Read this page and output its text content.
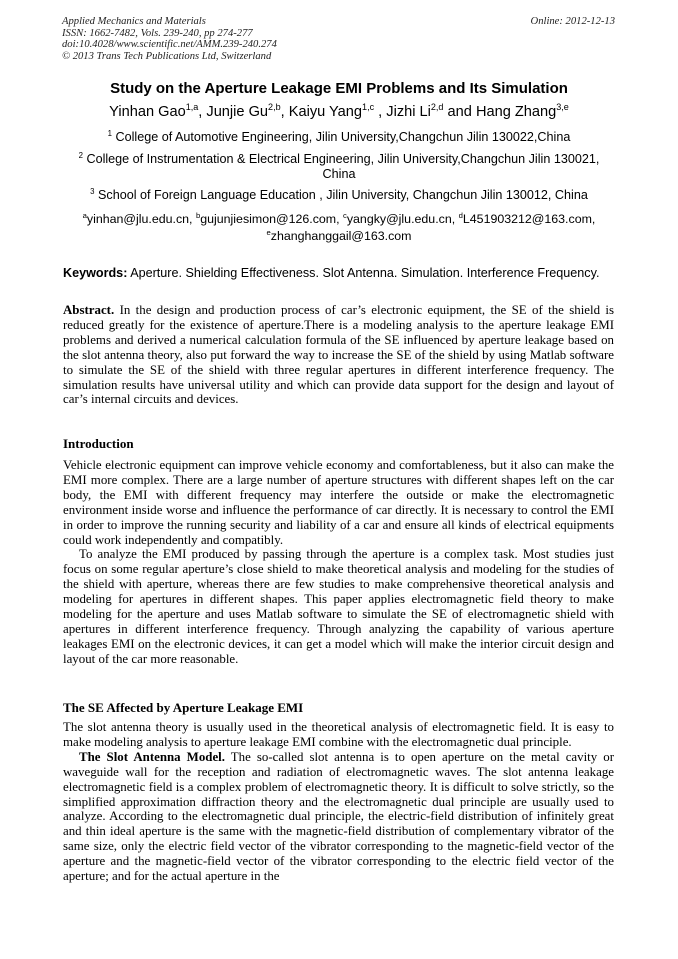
Applied Mechanics and Materials
ISSN: 1662-7482, Vols. 239-240, pp 274-277
doi:10.4028/www.scientific.net/AMM.239-240.274
© 2013 Trans Tech Publications Ltd, Switzerland
Online: 2012-12-13
Study on the Aperture Leakage EMI Problems and Its Simulation
Yinhan Gao$^{1,a}$, Junjie Gu$^{2,b}$, Kaiyu Yang$^{1,c}$ , Jizhi Li$^{2,d}$ and Hang Zhang$^{3,e}$
$^1$ College of Automotive Engineering, Jilin University,Changchun Jilin 130022,China
$^2$ College of Instrumentation & Electrical Engineering, Jilin University,Changchun Jilin 130021, China
$^3$ School of Foreign Language Education , Jilin University, Changchun Jilin 130012, China
$^a$yinhan@jlu.edu.cn, $^b$gujunjiesimon@126.com, $^c$yangky@jlu.edu.cn, $^d$L451903212@163.com,
$^e$zhanghanggail@163.com
Keywords: Aperture. Shielding Effectiveness. Slot Antenna. Simulation. Interference Frequency.

Abstract. In the design and production process of car’s electronic equipment, the SE of the shield is reduced greatly for the existence of aperture.There is a modeling analysis to the aperture leakage EMI problems and derived a numerical calculation formula of the SE influenced by aperture leakage based on the slot antenna theory, also put forward the way to increase the SE of the shield by using Matlab software to simulate the SE of the shield with three regular apertures in different interference frequency. The simulation results have universal utility and which can provide data support for the design and layout of car’s internal circuits and devices.

Introduction

Vehicle electronic equipment can improve vehicle economy and comfortableness, but it also can make the EMI more complex. There are a large number of aperture structures with different shapes left on the car body, the EMI with different frequency may interfere the outside or make the electromagnetic environment inside worse and influence the performance of car directly. It is necessary to control the EMI in order to improve the running security and liability of a car and ensure all kinds of electrical equipments could work independently and compatibly.

To analyze the EMI produced by passing through the aperture is a complex task. Most studies just focus on some regular aperture’s close shield to make theoretical analysis and modeling for the studies of the shield with aperture, whereas there are few studies to make comprehensive theoretical analysis and modeling for apertures in different shapes. This paper applies electromagnetic field theory to make modeling for the aperture and uses Matlab software to simulate the SE of electromagnetic shield with apertures in different interference frequency. Through analyzing the capability of various aperture leakages EMI on the electronic devices, it can get a model which will make the interior circuit design and layout of the car more reasonable.

The SE Affected by Aperture Leakage EMI

The slot antenna theory is usually used in the theoretical analysis of electromagnetic field. It is easy to make modeling analysis to aperture leakage EMI combine with the electromagnetic dual principle.

The Slot Antenna Model. The so-called slot antenna is to open aperture on the metal cavity or waveguide wall for the reception and radiation of electromagnetic waves. The slot antenna leakage electromagnetic field is a complex problem of electromagnetic theory. It is difficult to solve strictly, so the simplified approximation diffraction theory and the electromagnetic dual principle are usually used to analyze. According to the electromagnetic dual principle, the electric-field distribution of infinitely great and thin ideal aperture is the same with the magnetic-field distribution of complementary vibrator of the same size, only the electric field vector of the vibrator corresponding to the magnetic-field vector of the aperture and the magnetic-field vector of the vibrator corresponding to the electric field vector of the aperture; and for the actual aperture in the
